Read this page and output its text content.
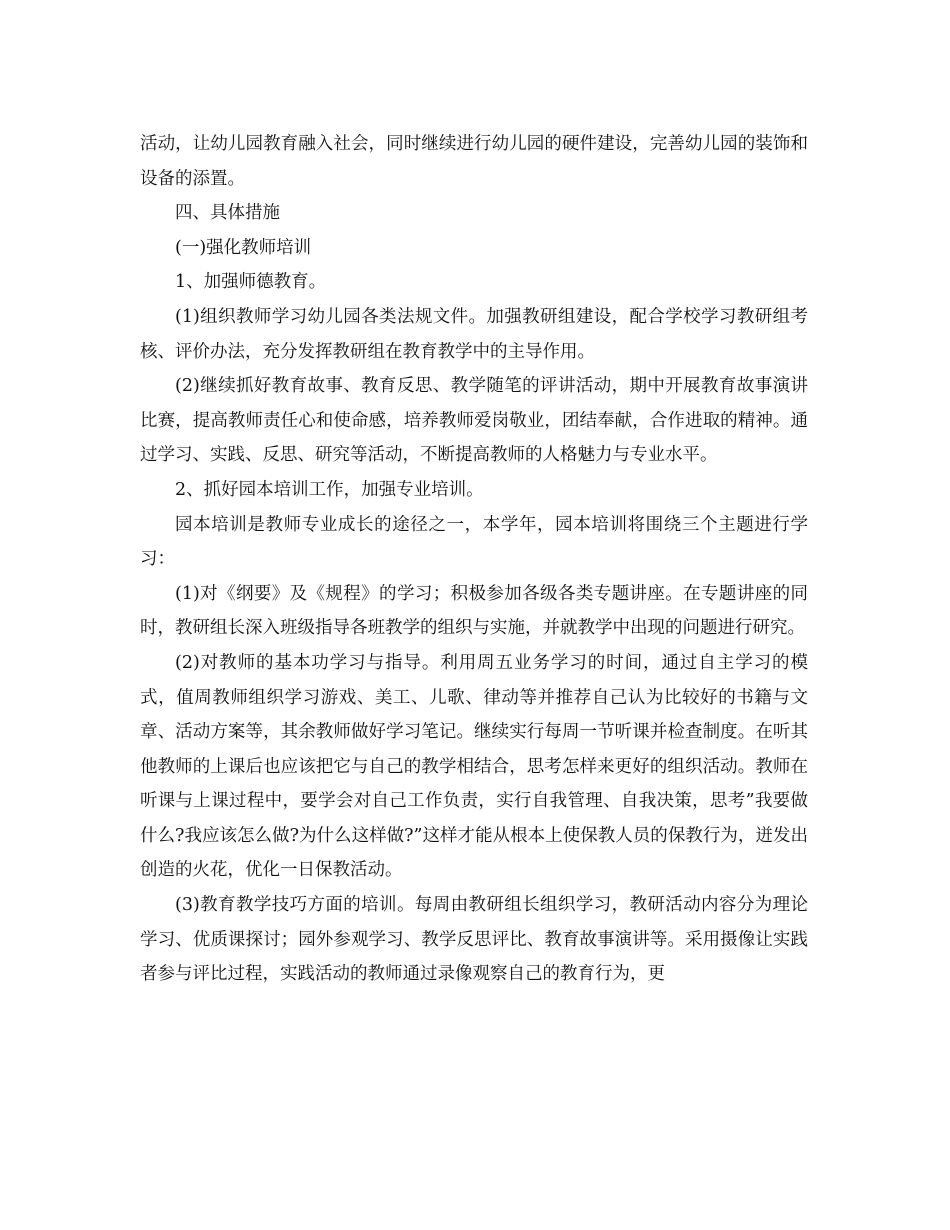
活动，让幼儿园教育融入社会，同时继续进行幼儿园的硬件建设，完善幼儿园的装饰和设备的添置。

四、具体措施

(一)强化教师培训

1、加强师德教育。

(1)组织教师学习幼儿园各类法规文件。加强教研组建设，配合学校学习教研组考核、评价办法，充分发挥教研组在教育教学中的主导作用。

(2)继续抓好教育故事、教育反思、教学随笔的评讲活动，期中开展教育故事演讲比赛，提高教师责任心和使命感，培养教师爱岗敬业，团结奉献，合作进取的精神。通过学习、实践、反思、研究等活动，不断提高教师的人格魅力与专业水平。

2、抓好园本培训工作，加强专业培训。

园本培训是教师专业成长的途径之一，本学年，园本培训将围绕三个主题进行学习：

(1)对《纲要》及《规程》的学习；积极参加各级各类专题讲座。在专题讲座的同时，教研组长深入班级指导各班教学的组织与实施，并就教学中出现的问题进行研究。

(2)对教师的基本功学习与指导。利用周五业务学习的时间，通过自主学习的模式，值周教师组织学习游戏、美工、儿歌、律动等并推荐自己认为比较好的书籍与文章、活动方案等，其余教师做好学习笔记。继续实行每周一节听课并检查制度。在听其他教师的上课后也应该把它与自己的教学相结合，思考怎样来更好的组织活动。教师在听课与上课过程中，要学会对自己工作负责，实行自我管理、自我决策，思考”我要做什么?我应该怎么做?为什么这样做?”这样才能从根本上使保教人员的保教行为，迸发出创造的火花，优化一日保教活动。

(3)教育教学技巧方面的培训。每周由教研组长组织学习，教研活动内容分为理论学习、优质课探讨；园外参观学习、教学反思评比、教育故事演讲等。采用摄像让实践者参与评比过程，实践活动的教师通过录像观察自己的教育行为，更
